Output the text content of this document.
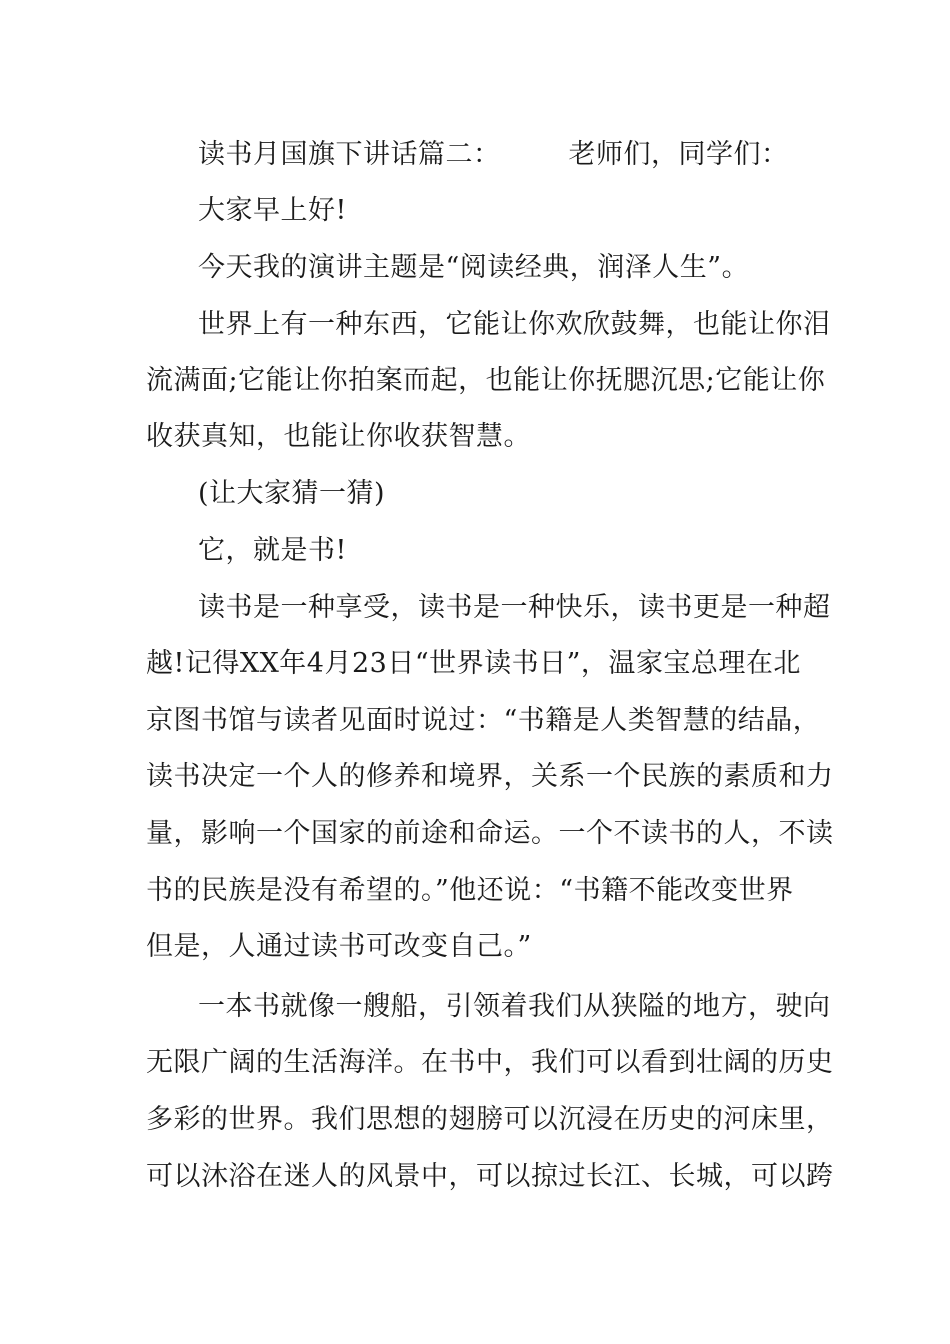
读书月国旗下讲话篇二：	老师们，同学们：
大家早上好!
今天我的演讲主题是“阅读经典，润泽人生”。
世界上有一种东西，它能让你欢欣鼓舞，也能让你泪
流满面;它能让你拍案而起，也能让你抚腮沉思;它能让你
收获真知，也能让你收获智慧。
(让大家猜一猜)
它，就是书!
读书是一种享受，读书是一种快乐，读书更是一种超
越!记得XX年4月23日“世界读书日”，温家宝总理在北
京图书馆与读者见面时说过：“书籍是人类智慧的结晶，
读书决定一个人的修养和境界，关系一个民族的素质和力
量，影响一个国家的前途和命运。一个不读书的人，不读
书的民族是没有希望的。”他还说：“书籍不能改变世界
但是，人通过读书可改变自己。”
一本书就像一艘船，引领着我们从狭隘的地方，驶向
无限广阔的生活海洋。在书中，我们可以看到壮阔的历史
多彩的世界。我们思想的翅膀可以沉浸在历史的河床里，
可以沐浴在迷人的风景中，可以掠过长江、长城，可以跨
